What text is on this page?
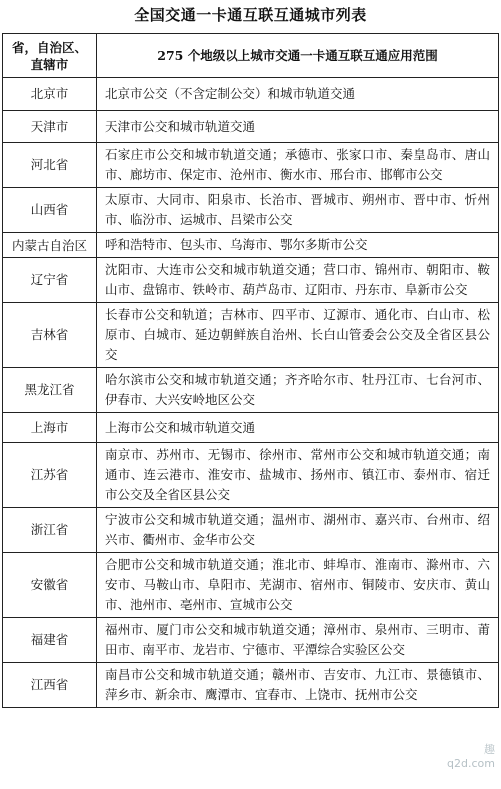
全国交通一卡通互联互通城市列表
省，自治区、直辖市	275 个地级以上城市交通一卡通互联互通应用范围
北京市	北京市公交（不含定制公交）和城市轨道交通
天津市	天津市公交和城市轨道交通
河北省	石家庄市公交和城市轨道交通；承德市、张家口市、秦皇岛市、唐山市、廊坊市、保定市、沧州市、衡水市、邢台市、邯郸市公交
山西省	太原市、大同市、阳泉市、长治市、晋城市、朔州市、晋中市、忻州市、临汾市、运城市、吕梁市公交
内蒙古自治区	呼和浩特市、包头市、乌海市、鄂尔多斯市公交
辽宁省	沈阳市、大连市公交和城市轨道交通；营口市、锦州市、朝阳市、鞍山市、盘锦市、铁岭市、葫芦岛市、辽阳市、丹东市、阜新市公交
吉林省	长春市公交和轨道；吉林市、四平市、辽源市、通化市、白山市、松原市、白城市、延边朝鲜族自治州、长白山管委会公交及全省区县公交
黑龙江省	哈尔滨市公交和城市轨道交通；齐齐哈尔市、牡丹江市、七台河市、伊春市、大兴安岭地区公交
上海市	上海市公交和城市轨道交通
江苏省	南京市、苏州市、无锡市、徐州市、常州市公交和城市轨道交通；南通市、连云港市、淮安市、盐城市、扬州市、镇江市、泰州市、宿迁市公交及全省区县公交
浙江省	宁波市公交和城市轨道交通；温州市、湖州市、嘉兴市、台州市、绍兴市、衢州市、金华市公交
安徽省	合肥市公交和城市轨道交通；淮北市、蚌埠市、淮南市、滁州市、六安市、马鞍山市、阜阳市、芜湖市、宿州市、铜陵市、安庆市、黄山市、池州市、亳州市、宣城市公交
福建省	福州市、厦门市公交和城市轨道交通；漳州市、泉州市、三明市、莆田市、南平市、龙岩市、宁德市、平潭综合实验区公交
江西省	南昌市公交和城市轨道交通；赣州市、吉安市、九江市、景德镇市、萍乡市、新余市、鹰潭市、宜春市、上饶市、抚州市公交
趣 q2d.com
